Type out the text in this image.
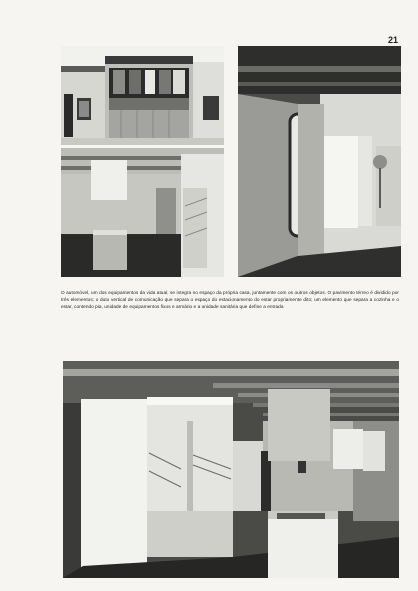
21
O automóvel, um dos equipamentos da vida atual, se integra no espaço da própria casa, juntamente com os outros objetos. O pavimento térreo é dividido por três elementos; o duto vertical de comunicação que separa o espaço do estacionamento do estar propriamente dito; um elemento que separa a cozinha e o estar, contendo pia, unidade de equipamentos fixos e armário e a unidade sanitária que define a entrada
